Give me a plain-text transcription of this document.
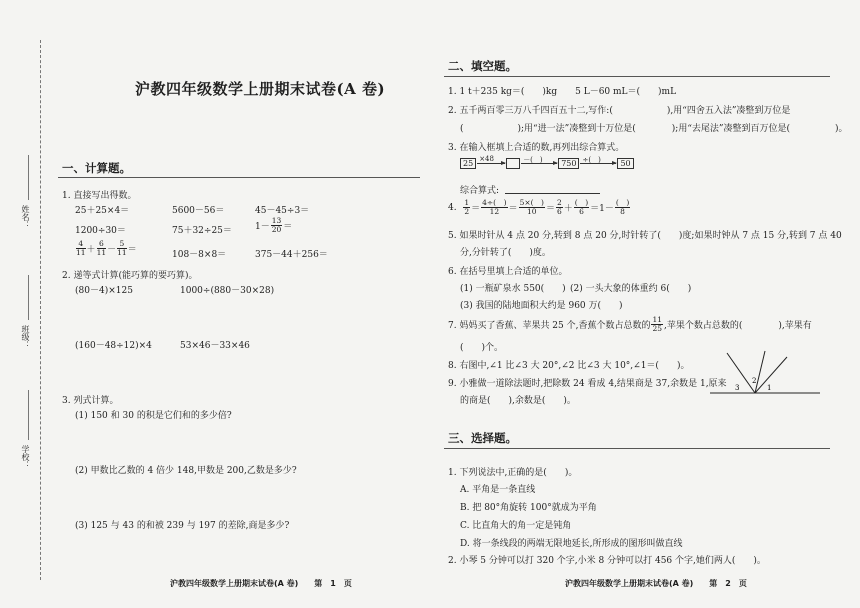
姓名：
班级：
学校：
沪教四年级数学上册期末试卷(A 卷)
一、计算题。
1. 直接写出得数。
25＋25×4＝	5600－56＝	45－45÷3＝
1200÷30＝	75＋32÷25＝	$1- \frac{13}{20}$ ＝
$\frac{4}{11} + \frac{6}{11} - \frac{5}{11}$ ＝	108－8×8＝	375－44＋256＝
2. 递等式计算(能巧算的要巧算)。
(80－4)×125	1000÷(880－30×28)
(160－48÷12)×4	53×46－33×46
3. 列式计算。
(1) 150 和 30 的积是它们和的多少倍?
(2) 甲数比乙数的 4 倍少 148,甲数是 200,乙数是多少?
(3) 125 与 43 的和被 239 与 197 的差除,商是多少?
沪教四年级数学上册期末试卷(A 卷)　　第　1　页
二、填空题。
1. 1 t＋235 kg＝(　　)kg　　5 L－60 mL＝(　　)mL
2. 五千两百零三万八千四百五十二,写作:(　　　　　　),用“四舍五入法”凑整到万位是
(　　　　　　);用“进一法”凑整到十万位是(　　　　);用“去尾法”凑整到百万位是(　　　　　)。
3. 在输入框填上合适的数,再列出综合算式。
25 ×48	－(　)	750 ÷(　)	50
综合算式:
4.
$\frac{1}{2} = \frac{4\div( )}{12} = \frac{5\times( )}{10} = \frac{2}{6} + \frac{( )}{6} =1- \frac{( )}{8}$
5. 如果时针从 4 点 20 分,转到 8 点 20 分,时针转了(　　)度;如果时钟从 7 点 15 分,转到 7 点 40
分,分针转了(　　)度。
6. 在括号里填上合适的单位。
(1) 一瓶矿泉水 550(　　) (2) 一头大象的体重约 6(　　)
(3) 我国的陆地面积大约是 960 万(　　)
7. 妈妈买了香蕉、苹果共 25 个,香蕉个数占总数的 $\frac{11}{25}$ ,苹果个数占总数的(　　　　),苹果有
(　　)个。
8. 右图中,∠1 比∠3 大 20°,∠2 比∠3 大 10°,∠1＝(　　)。
9. 小雅做一道除法题时,把除数 24 看成 4,结果商是 37,余数是 1,原来
的商是(　　),余数是(　　)。
3
2
1
三、选择题。
1. 下列说法中,正确的是(　　)。
A. 平角是一条直线
B. 把 80°角旋转 100°就成为平角
C. 比直角大的角一定是钝角
D. 将一条线段的两端无限地延长,所形成的图形叫做直线
2. 小琴 5 分钟可以打 320 个字,小米 8 分钟可以打 456 个字,她们两人(　　)。
沪教四年级数学上册期末试卷(A 卷)　　第　2　页
